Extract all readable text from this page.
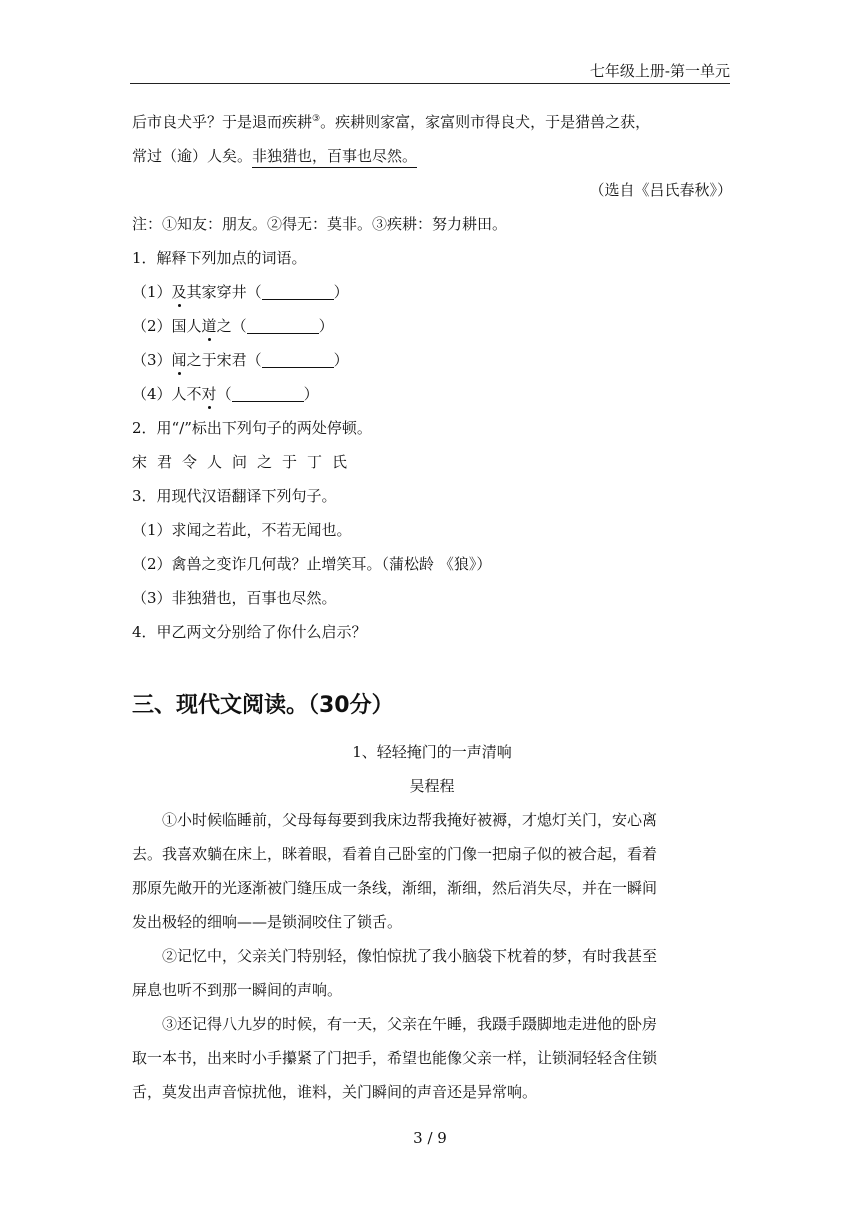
七年级上册-第一单元
后市良犬乎？于是退而疾耕③。疾耕则家富，家富则市得良犬，于是猎兽之获，
常过（逾）人矣。非独猎也，百事也尽然。
（选自《吕氏春秋》）
注：①知友：朋友。②得无：莫非。③疾耕：努力耕田。
1．解释下列加点的词语。
（1）及其家穿井（	）
（2）国人道之（	）
（3）闻之于宋君（	）
（4）人不对（	）
2．用“/”标出下列句子的两处停顿。
宋君令人问之于丁氏
3．用现代汉语翻译下列句子。
（1）求闻之若此，不若无闻也。
（2）禽兽之变诈几何哉？止增笑耳。（蒲松龄 《狼》）
（3）非独猎也，百事也尽然。
4．甲乙两文分别给了你什么启示？
三、现代文阅读。（30分）
1、轻轻掩门的一声清响
吴程程
①小时候临睡前，父母每每要到我床边帮我掩好被褥，才熄灯关门，安心离
去。我喜欢躺在床上，眯着眼，看着自己卧室的门像一把扇子似的被合起，看着
那原先敞开的光逐渐被门缝压成一条线，渐细，渐细，然后消失尽，并在一瞬间
发出极轻的细响——是锁洞咬住了锁舌。
②记忆中，父亲关门特别轻，像怕惊扰了我小脑袋下枕着的梦，有时我甚至
屏息也听不到那一瞬间的声响。
③还记得八九岁的时候，有一天，父亲在午睡，我蹑手蹑脚地走进他的卧房
取一本书，出来时小手攥紧了门把手，希望也能像父亲一样，让锁洞轻轻含住锁
舌，莫发出声音惊扰他，谁料，关门瞬间的声音还是异常响。
3 / 9
